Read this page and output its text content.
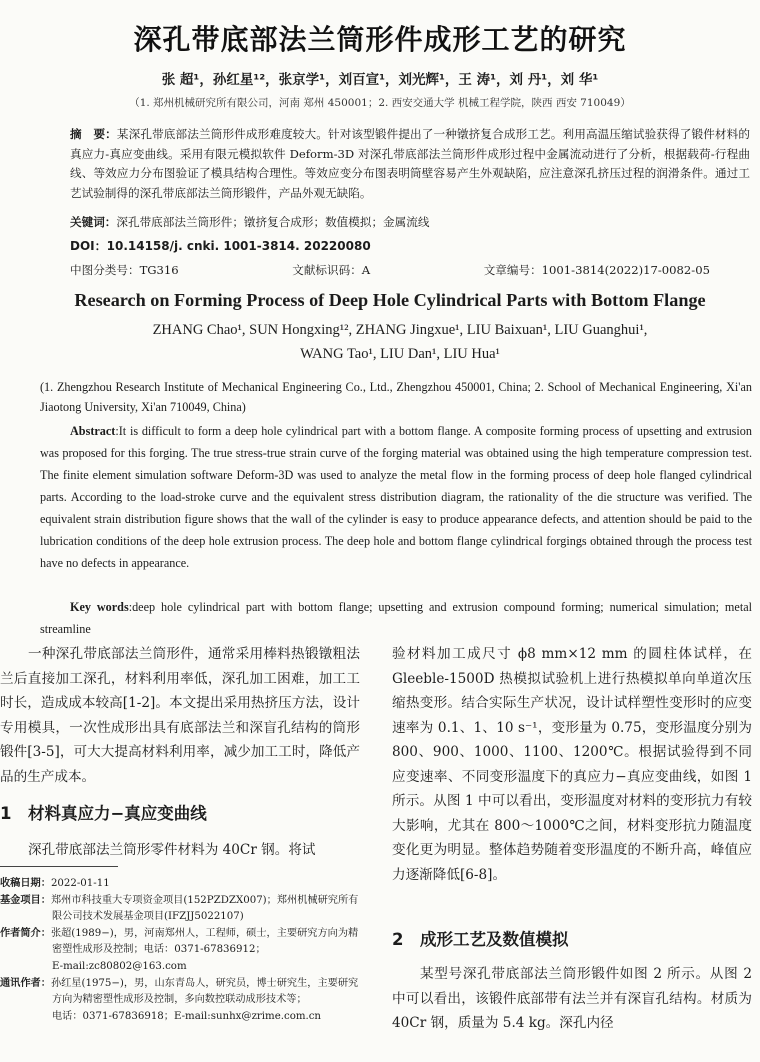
深孔带底部法兰筒形件成形工艺的研究
张 超¹，孙红星¹²，张京学¹，刘百宣¹，刘光辉¹，王 涛¹，刘 丹¹，刘 华¹
（1. 郑州机械研究所有限公司，河南 郑州 450001；2. 西安交通大学 机械工程学院，陕西 西安 710049）
摘　要：某深孔带底部法兰筒形件成形难度较大。针对该型锻件提出了一种镦挤复合成形工艺。利用高温压缩试验获得了锻件材料的真应力-真应变曲线。采用有限元模拟软件 Deform-3D 对深孔带底部法兰筒形件成形过程中金属流动进行了分析，根据载荷-行程曲线、等效应力分布图验证了模具结构合理性。等效应变分布图表明筒壁容易产生外观缺陷，应注意深孔挤压过程的润滑条件。通过工艺试验制得的深孔带底部法兰筒形锻件，产品外观无缺陷。
关键词：深孔带底部法兰筒形件；镦挤复合成形；数值模拟；金属流线
DOI：10.14158/j. cnki. 1001-3814. 20220080
中图分类号：TG316	文献标识码：A	文章编号：1001-3814(2022)17-0082-05
Research on Forming Process of Deep Hole Cylindrical Parts with Bottom Flange
ZHANG Chao¹, SUN Hongxing¹², ZHANG Jingxue¹, LIU Baixuan¹, LIU Guanghui¹,
WANG Tao¹, LIU Dan¹, LIU Hua¹
(1. Zhengzhou Research Institute of Mechanical Engineering Co., Ltd., Zhengzhou 450001, China; 2. School of Mechanical Engineering, Xi'an Jiaotong University, Xi'an 710049, China)
Abstract:It is difficult to form a deep hole cylindrical part with a bottom flange. A composite forming process of upsetting and extrusion was proposed for this forging. The true stress-true strain curve of the forging material was obtained using the high temperature compression test. The finite element simulation software Deform-3D was used to analyze the metal flow in the forming process of deep hole flanged cylindrical parts. According to the load-stroke curve and the equivalent stress distribution diagram, the rationality of the die structure was verified. The equivalent strain distribution figure shows that the wall of the cylinder is easy to produce appearance defects, and attention should be paid to the lubrication conditions of the deep hole extrusion process. The deep hole and bottom flange cylindrical forgings obtained through the process test have no defects in appearance.
Key words:deep hole cylindrical part with bottom flange; upsetting and extrusion compound forming; numerical simulation; metal streamline
一种深孔带底部法兰筒形件，通常采用棒料热锻镦粗法兰后直接加工深孔，材料利用率低，深孔加工困难，加工工时长，造成成本较高[1-2]。本文提出采用热挤压方法，设计专用模具，一次性成形出具有底部法兰和深盲孔结构的筒形锻件[3-5]，可大大提高材料利用率，减少加工工时，降低产品的生产成本。
1　材料真应力−真应变曲线
深孔带底部法兰筒形零件材料为 40Cr 钢。将试
收稿日期：2022-01-11
基金项目：郑州市科技重大专项资金项目(152PZDZX007)；郑州机械研究所有限公司技术发展基金项目(IFZJJ5022107)
作者简介：张超(1989−)，男，河南郑州人，工程师，硕士，主要研究方向为精密塑性成形及控制；电话：0371-67836912；
E-mail:zc80802@163.com
通讯作者：孙红星(1975−)，男，山东青岛人，研究员，博士研究生，主要研究方向为精密塑性成形及控制，多向数控联动成形技术等；
电话：0371-67836918；E-mail:sunhx@zrime.com.cn
验材料加工成尺寸 ϕ8 mm×12 mm 的圆柱体试样，在 Gleeble-1500D 热模拟试验机上进行热模拟单向单道次压缩热变形。结合实际生产状况，设计试样塑性变形时的应变速率为 0.1、1、10 s⁻¹，变形量为 0.75，变形温度分别为 800、900、1000、1100、1200℃。根据试验得到不同应变速率、不同变形温度下的真应力−真应变曲线，如图 1 所示。从图 1 中可以看出，变形温度对材料的变形抗力有较大影响，尤其在 800～1000℃之间，材料变形抗力随温度变化更为明显。整体趋势随着变形温度的不断升高，峰值应力逐渐降低[6-8]。
2　成形工艺及数值模拟
某型号深孔带底部法兰筒形锻件如图 2 所示。从图 2 中可以看出，该锻件底部带有法兰并有深盲孔结构。材质为 40Cr 钢，质量为 5.4 kg。深孔内径
